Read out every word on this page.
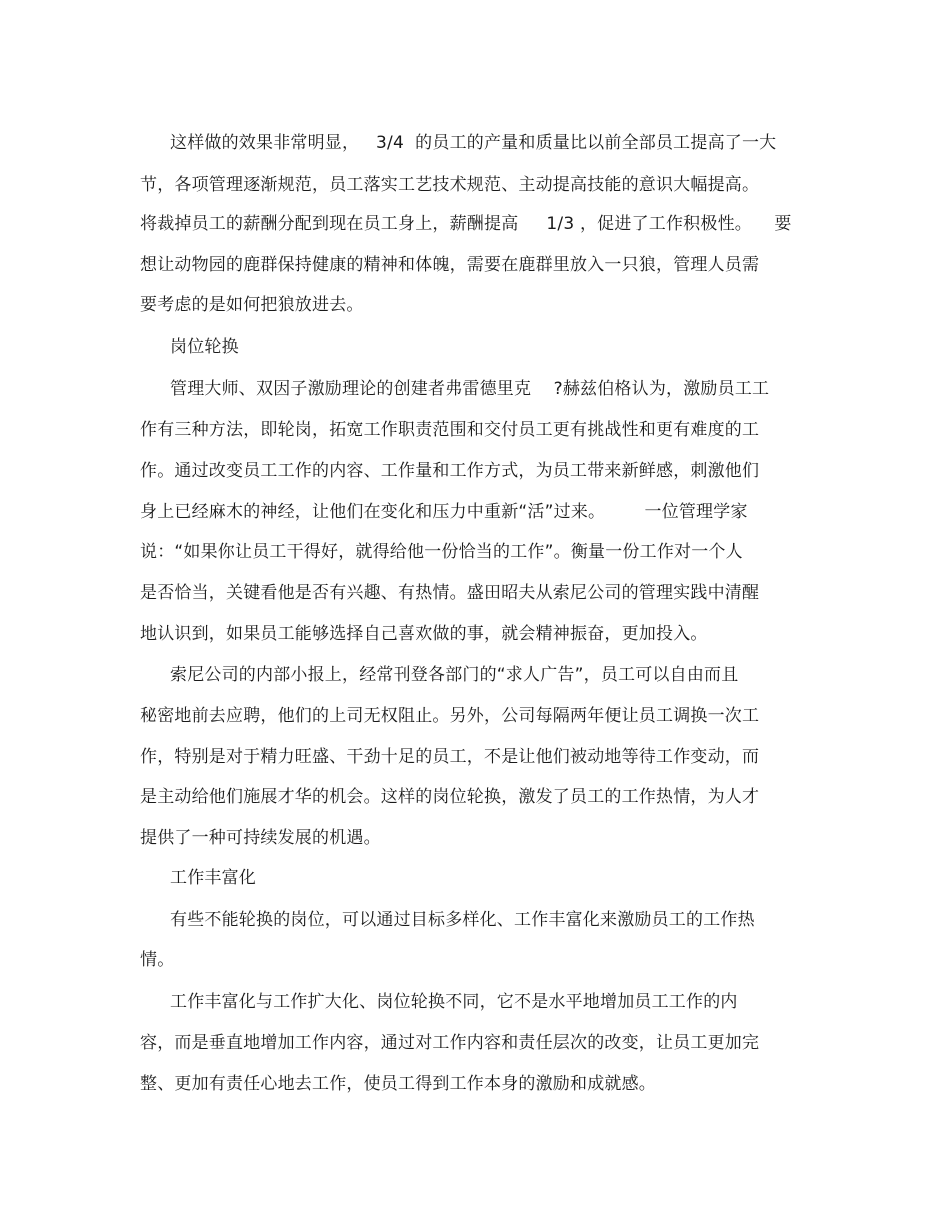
这样做的效果非常明显，   3/4  的员工的产量和质量比以前全部员工提高了一大
节，各项管理逐渐规范，员工落实工艺技术规范、主动提高技能的意识大幅提高。
将裁掉员工的薪酬分配到现在员工身上，薪酬提高     1/3 ，促进了工作积极性。    要
想让动物园的鹿群保持健康的精神和体魄，需要在鹿群里放入一只狼，管理人员需
要考虑的是如何把狼放进去。
岗位轮换
管理大师、双因子激励理论的创建者弗雷德里克    ?赫兹伯格认为，激励员工工
作有三种方法，即轮岗，拓宽工作职责范围和交付员工更有挑战性和更有难度的工
作。通过改变员工工作的内容、工作量和工作方式，为员工带来新鲜感，刺激他们
身上已经麻木的神经，让他们在变化和压力中重新“活”过来。       一位管理学家
说：“如果你让员工干得好，就得给他一份恰当的工作”。衡量一份工作对一个人
是否恰当，关键看他是否有兴趣、有热情。盛田昭夫从索尼公司的管理实践中清醒
地认识到，如果员工能够选择自己喜欢做的事，就会精神振奋，更加投入。
索尼公司的内部小报上，经常刊登各部门的“求人广告”，员工可以自由而且
秘密地前去应聘，他们的上司无权阻止。另外，公司每隔两年便让员工调换一次工
作，特别是对于精力旺盛、干劲十足的员工，不是让他们被动地等待工作变动，而
是主动给他们施展才华的机会。这样的岗位轮换，激发了员工的工作热情，为人才
提供了一种可持续发展的机遇。
工作丰富化
有些不能轮换的岗位，可以通过目标多样化、工作丰富化来激励员工的工作热
情。
工作丰富化与工作扩大化、岗位轮换不同，它不是水平地增加员工工作的内
容，而是垂直地增加工作内容，通过对工作内容和责任层次的改变，让员工更加完
整、更加有责任心地去工作，使员工得到工作本身的激励和成就感。
